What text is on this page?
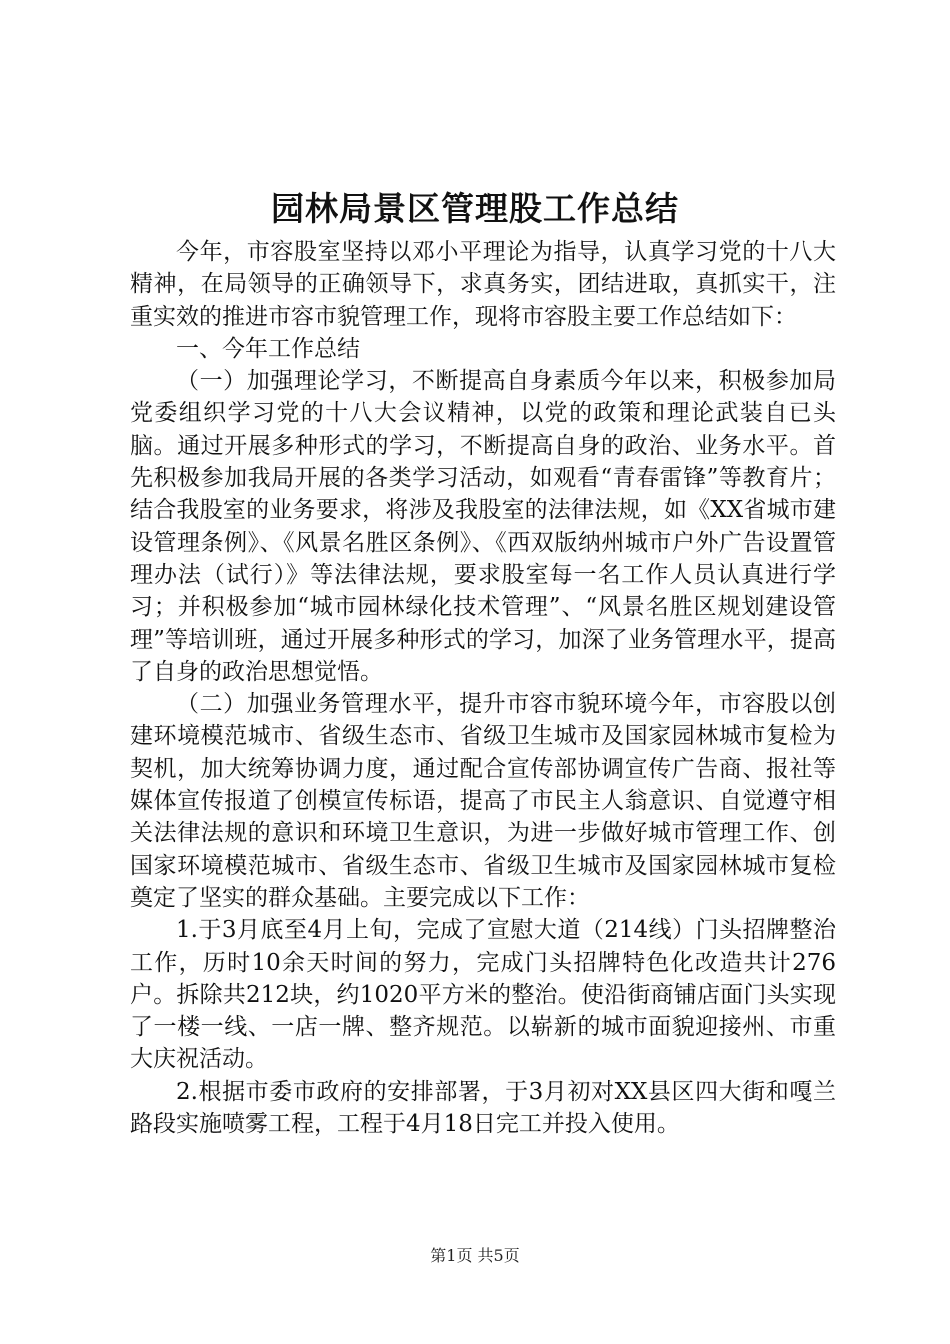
园林局景区管理股工作总结

今年，市容股室坚持以邓小平理论为指导，认真学习党的十八大精神，在局领导的正确领导下，求真务实，团结进取，真抓实干，注重实效的推进市容市貌管理工作，现将市容股主要工作总结如下：

一、今年工作总结

（一）加强理论学习，不断提高自身素质今年以来，积极参加局党委组织学习党的十八大会议精神，以党的政策和理论武装自已头脑。通过开展多种形式的学习，不断提高自身的政治、业务水平。首先积极参加我局开展的各类学习活动，如观看“青春雷锋”等教育片；结合我股室的业务要求，将涉及我股室的法律法规，如《XX省城市建设管理条例》、《风景名胜区条例》、《西双版纳州城市户外广告设置管理办法（试行）》等法律法规，要求股室每一名工作人员认真进行学习；并积极参加“城市园林绿化技术管理”、“风景名胜区规划建设管理”等培训班，通过开展多种形式的学习，加深了业务管理水平，提高了自身的政治思想觉悟。

（二）加强业务管理水平，提升市容市貌环境今年，市容股以创建环境模范城市、省级生态市、省级卫生城市及国家园林城市复检为契机，加大统筹协调力度，通过配合宣传部协调宣传广告商、报社等媒体宣传报道了创模宣传标语，提高了市民主人翁意识、自觉遵守相关法律法规的意识和环境卫生意识，为进一步做好城市管理工作、创国家环境模范城市、省级生态市、省级卫生城市及国家园林城市复检奠定了坚实的群众基础。主要完成以下工作：

1.于3月底至4月上旬，完成了宣慰大道（214线）门头招牌整治工作，历时10余天时间的努力，完成门头招牌特色化改造共计276户。拆除共212块，约1020平方米的整治。使沿街商铺店面门头实现了一楼一线、一店一牌、整齐规范。以崭新的城市面貌迎接州、市重大庆祝活动。

2.根据市委市政府的安排部署，于3月初对XX县区四大街和嘎兰路段实施喷雾工程，工程于4月18日完工并投入使用。

第1页 共5页
